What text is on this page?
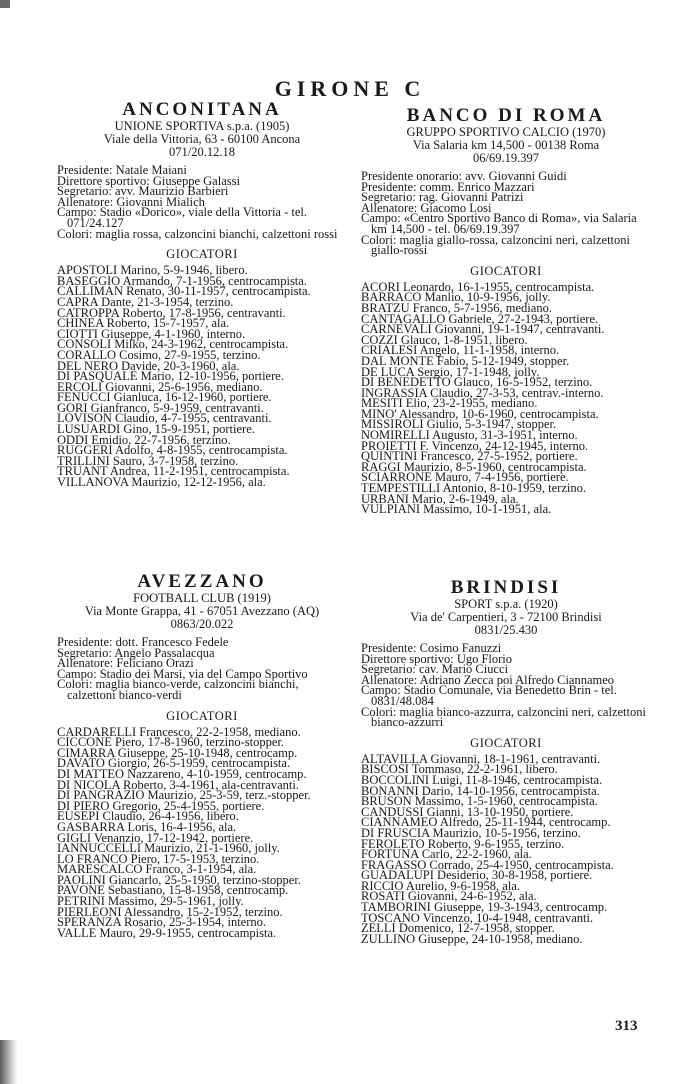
GIRONE C
ANCONITANA
UNIONE SPORTIVA s.p.a. (1905)
Viale della Vittoria, 63 - 60100 Ancona
071/20.12.18
Presidente: Natale Maiani
Direttore sportivo: Giuseppe Galassi
Segretario: avv. Maurizio Barbieri
Allenatore: Giovanni Mialich
Campo: Stadio «Dorico», viale della Vittoria - tel. 071/24.127
Colori: maglia rossa, calzoncini bianchi, calzettoni rossi
GIOCATORI
APOSTOLI Marino, 5-9-1946, libero.
BASEGGIO Armando, 7-1-1956, centrocampista.
CALLIMAN Renato, 30-11-1957, centrocampista.
CAPRA Dante, 21-3-1954, terzino.
CATROPPA Roberto, 17-8-1956, centravanti.
CHINEA Roberto, 15-7-1957, ala.
CIOTTI Giuseppe, 4-1-1960, interno.
CONSOLI Milko, 24-3-1962, centrocampista.
CORALLO Cosimo, 27-9-1955, terzino.
DEL NERO Davide, 20-3-1960, ala.
DI PASQUALE Mario, 12-10-1956, portiere.
ERCOLI Giovanni, 25-6-1956, mediano.
FENUCCI Gianluca, 16-12-1960, portiere.
GORI Gianfranco, 5-9-1959, centravanti.
LOVISON Claudio, 4-7-1955, centravanti.
LUSUARDI Gino, 15-9-1951, portiere.
ODDI Emidio, 22-7-1956, terzino.
RUGGERI Adolfo, 4-8-1955, centrocampista.
TRILLINI Sauro, 3-7-1958, terzino.
TRUANT Andrea, 11-2-1951, centrocampista.
VILLANOVA Maurizio, 12-12-1956, ala.
AVEZZANO
FOOTBALL CLUB (1919)
Via Monte Grappa, 41 - 67051 Avezzano (AQ)
0863/20.022
Presidente: dott. Francesco Fedele
Segretario: Angelo Passalacqua
Allenatore: Feliciano Orazi
Campo: Stadio dei Marsi, via del Campo Sportivo
Colori: maglia bianco-verde, calzoncini bianchi, calzettoni bianco-verdi
GIOCATORI
CARDARELLI Francesco, 22-2-1958, mediano.
CICCONE Piero, 17-8-1960, terzino-stopper.
CIMARRA Giuseppe, 25-10-1948, centrocamp.
DAVATO Giorgio, 26-5-1959, centrocampista.
DI MATTEO Nazzareno, 4-10-1959, centrocamp.
DI NICOLA Roberto, 3-4-1961, ala-centravanti.
DI PANGRAZIO Maurizio, 25-3-59, terz.-stopper.
DI PIERO Gregorio, 25-4-1955, portiere.
EUSEPI Claudio, 26-4-1956, libero.
GASBARRA Loris, 16-4-1956, ala.
GIGLI Venanzio, 17-12-1942, portiere.
IANNUCCELLI Maurizio, 21-1-1960, jolly.
LO FRANCO Piero, 17-5-1953, terzino.
MARESCALCO Franco, 3-1-1954, ala.
PAOLINI Giancarlo, 25-5-1950, terzino-stopper.
PAVONE Sebastiano, 15-8-1958, centrocamp.
PETRINI Massimo, 29-5-1961, jolly.
PIERLEONI Alessandro, 15-2-1952, terzino.
SPERANZA Rosario, 25-3-1954, interno.
VALLE Mauro, 29-9-1955, centrocampista.
BANCO DI ROMA
GRUPPO SPORTIVO CALCIO (1970)
Via Salaria km 14,500 - 00138 Roma
06/69.19.397
Presidente onorario: avv. Giovanni Guidi
Presidente: comm. Enrico Mazzari
Segretario: rag. Giovanni Patrizi
Allenatore: Giacomo Losi
Campo: «Centro Sportivo Banco di Roma», via Salaria km 14,500 - tel. 06/69.19.397
Colori: maglia giallo-rossa, calzoncini neri, calzettoni giallo-rossi
GIOCATORI
ACORI Leonardo, 16-1-1955, centrocampista.
BARRACO Manlio, 10-9-1956, jolly.
BRATZU Franco, 5-7-1956, mediano.
CANTAGALLO Gabriele, 27-2-1943, portiere.
CARNEVALI Giovanni, 19-1-1947, centravanti.
COZZI Glauco, 1-8-1951, libero.
CRIALESI Angelo, 11-1-1958, interno.
DAL MONTE Fabio, 5-12-1949, stopper.
DE LUCA Sergio, 17-1-1948, jolly.
DI BENEDETTO Glauco, 16-5-1952, terzino.
INGRASSIA Claudio, 27-3-53, centrav.-interno.
MESITI Elio, 23-2-1955, mediano.
MINO' Alessandro, 10-6-1960, centrocampista.
MISSIROLI Giulio, 5-3-1947, stopper.
NOMIRELLI Augusto, 31-3-1951, interno.
PROIETTI F. Vincenzo, 24-12-1945, interno.
QUINTINI Francesco, 27-5-1952, portiere.
RAGGI Maurizio, 8-5-1960, centrocampista.
SCIARRONE Mauro, 7-4-1956, portiere.
TEMPESTILLI Antonio, 8-10-1959, terzino.
URBANI Mario, 2-6-1949, ala.
VULPIANI Massimo, 10-1-1951, ala.
BRINDISI
SPORT s.p.a. (1920)
Via de' Carpentieri, 3 - 72100 Brindisi
0831/25.430
Presidente: Cosimo Fanuzzi
Direttore sportivo: Ugo Florio
Segretario: cav. Mario Ciucci
Allenatore: Adriano Zecca poi Alfredo Ciannameo
Campo: Stadio Comunale, via Benedetto Brin - tel. 0831/48.084
Colori: maglia bianco-azzurra, calzoncini neri, calzettoni bianco-azzurri
GIOCATORI
ALTAVILLA Giovanni, 18-1-1961, centravanti.
BISCOSI Tommaso, 22-2-1961, libero.
BOCCOLINI Luigi, 11-8-1946, centrocampista.
BONANNI Dario, 14-10-1956, centrocampista.
BRUSON Massimo, 1-5-1960, centrocampista.
CANDUSSI Gianni, 13-10-1950, portiere.
CIANNAMEO Alfredo, 25-11-1944, centrocamp.
DI FRUSCIA Maurizio, 10-5-1956, terzino.
FEROLETO Roberto, 9-6-1955, terzino.
FORTUNA Carlo, 22-2-1960, ala.
FRAGASSO Corrado, 25-4-1950, centrocampista.
GUADALUPI Desiderio, 30-8-1958, portiere.
RICCIO Aurelio, 9-6-1958, ala.
ROSATI Giovanni, 24-6-1952, ala.
TAMBORINI Giuseppe, 19-3-1943, centrocamp.
TOSCANO Vincenzo, 10-4-1948, centravanti.
ZELLI Domenico, 12-7-1958, stopper.
ZULLINO Giuseppe, 24-10-1958, mediano.
313
